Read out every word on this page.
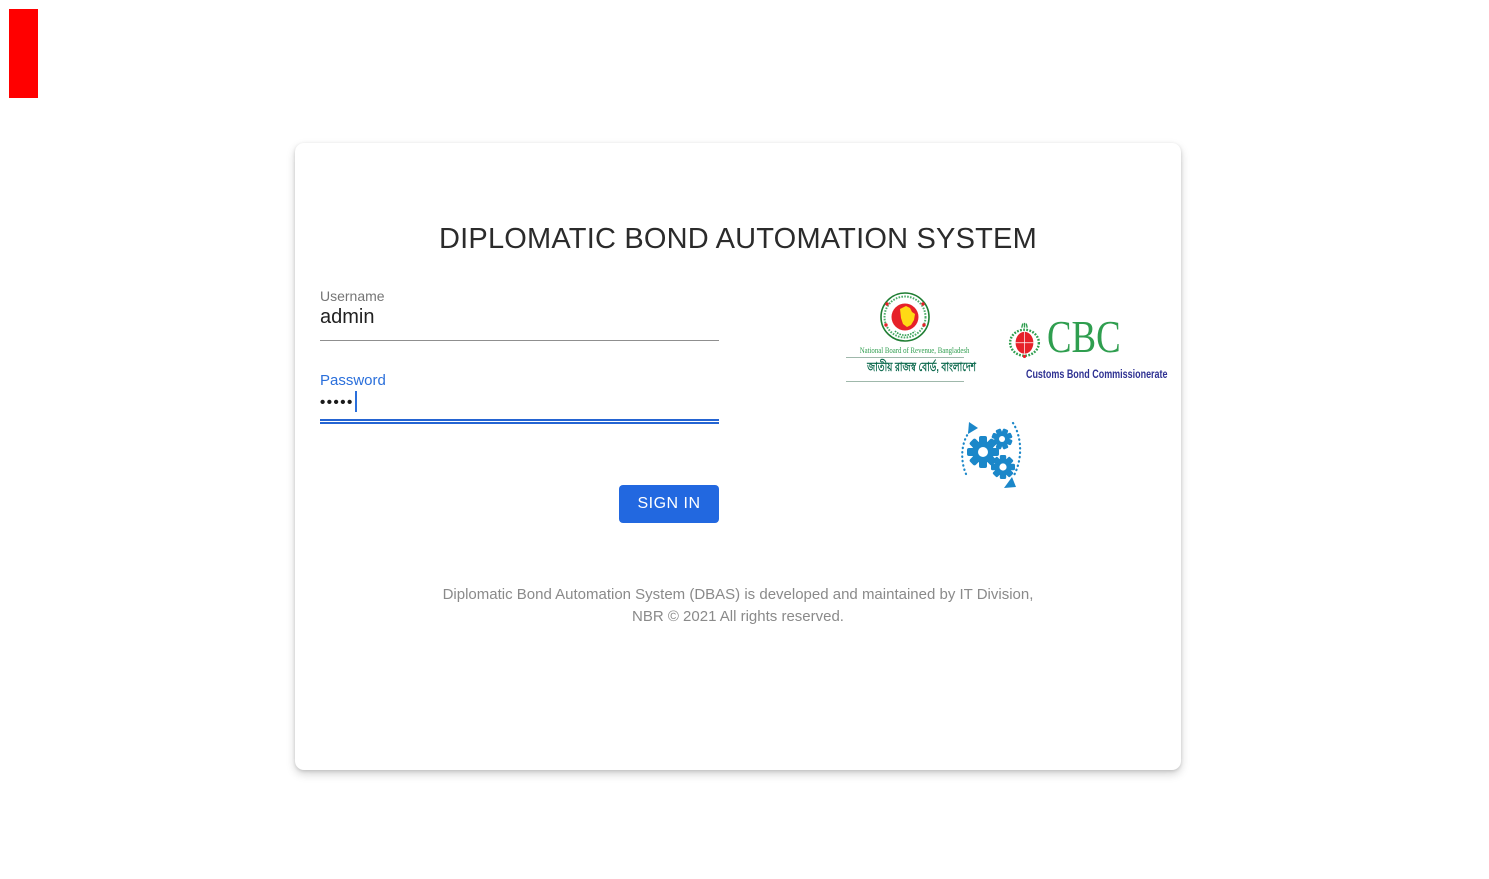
DIPLOMATIC BOND AUTOMATION SYSTEM
Username
admin
Password
•••••
SIGN IN
National Board of Revenue, Bangladesh
জাতীয় রাজস্ব বোর্ড, বাংলাদেশ
CBC
Customs Bond Commissionerate
Diplomatic Bond Automation System (DBAS) is developed and maintained by IT Division,
NBR © 2021 All rights reserved.
